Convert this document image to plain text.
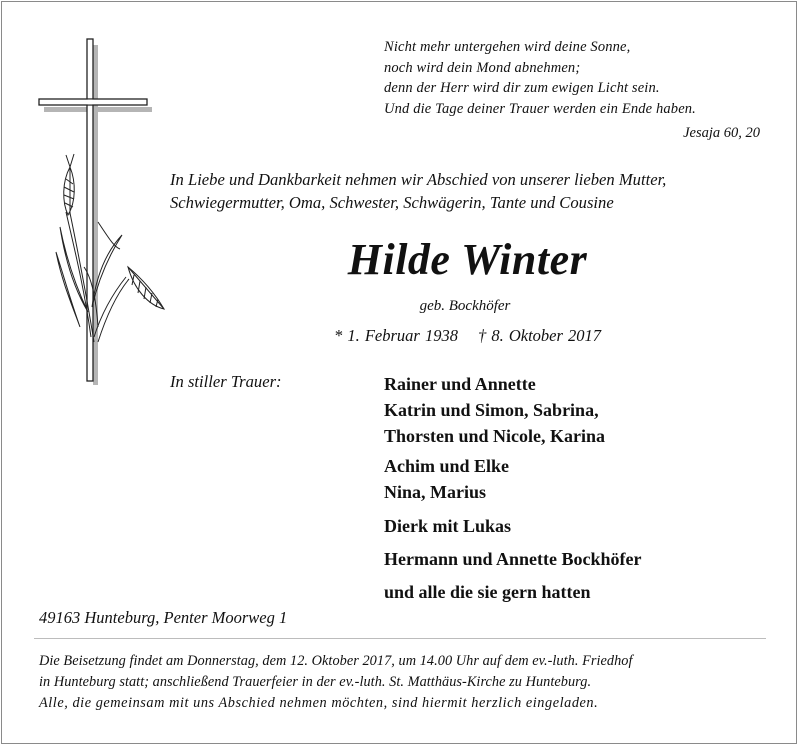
Nicht mehr untergehen wird deine Sonne,
noch wird dein Mond abnehmen;
denn der Herr wird dir zum ewigen Licht sein.
Und die Tage deiner Trauer werden ein Ende haben.
Jesaja 60, 20
In Liebe und Dankbarkeit nehmen wir Abschied von unserer lieben Mutter,
Schwiegermutter, Oma, Schwester, Schwägerin, Tante und Cousine
Hilde Winter
geb. Bockhöfer
* 1. Februar 1938 † 8. Oktober 2017
In stiller Trauer:	Rainer und Annette
Katrin und Simon, Sabrina,
Thorsten und Nicole, Karina
Achim und Elke
Nina, Marius
Dierk mit Lukas
Hermann und Annette Bockhöfer
und alle die sie gern hatten
49163 Hunteburg, Penter Moorweg 1
Die Beisetzung findet am Donnerstag, dem 12. Oktober 2017, um 14.00 Uhr auf dem ev.-luth. Friedhof
in Hunteburg statt; anschließend Trauerfeier in der ev.-luth. St. Matthäus-Kirche zu Hunteburg.
Alle, die gemeinsam mit uns Abschied nehmen möchten, sind hiermit herzlich eingeladen.
